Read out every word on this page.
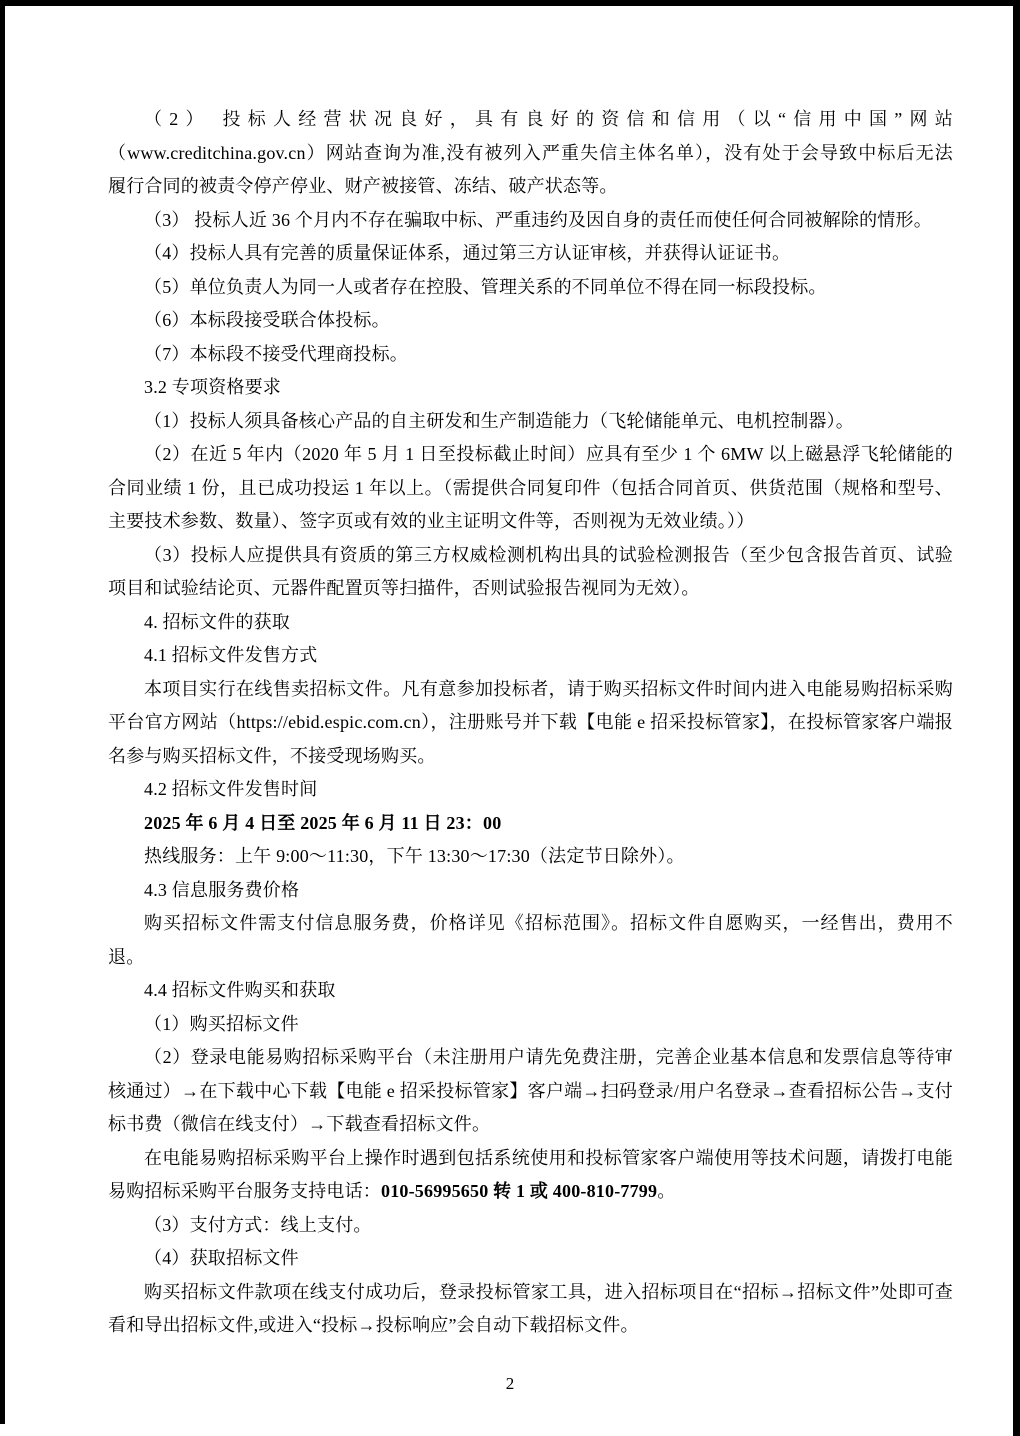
（2） 投标人经营状况良好，具有良好的资信和信用（以“信用中国”网站
（www.creditchina.gov.cn）网站查询为准,没有被列入严重失信主体名单），没有处于会导致中标后无法
履行合同的被责令停产停业、财产被接管、冻结、破产状态等。

（3） 投标人近 36 个月内不存在骗取中标、严重违约及因自身的责任而使任何合同被解除的情形。

（4）投标人具有完善的质量保证体系，通过第三方认证审核，并获得认证证书。

（5）单位负责人为同一人或者存在控股、管理关系的不同单位不得在同一标段投标。

（6）本标段接受联合体投标。

（7）本标段不接受代理商投标。

3.2 专项资格要求

（1）投标人须具备核心产品的自主研发和生产制造能力（飞轮储能单元、电机控制器）。

（2）在近 5 年内（2020 年 5 月 1 日至投标截止时间）应具有至少 1 个 6MW 以上磁悬浮飞轮储能的合同业绩 1 份，且已成功投运 1 年以上。（需提供合同复印件（包括合同首页、供货范围（规格和型号、主要技术参数、数量）、签字页或有效的业主证明文件等，否则视为无效业绩。））

（3）投标人应提供具有资质的第三方权威检测机构出具的试验检测报告（至少包含报告首页、试验项目和试验结论页、元器件配置页等扫描件，否则试验报告视同为无效）。

4. 招标文件的获取

4.1 招标文件发售方式

本项目实行在线售卖招标文件。凡有意参加投标者，请于购买招标文件时间内进入电能易购招标采购平台官方网站（https://ebid.espic.com.cn），注册账号并下载【电能 e 招采投标管家】，在投标管家客户端报名参与购买招标文件，不接受现场购买。

4.2 招标文件发售时间

2025 年 6 月 4 日至 2025 年 6 月 11 日 23：00

热线服务：上午 9:00～11:30，下午 13:30～17:30（法定节日除外）。

4.3 信息服务费价格

购买招标文件需支付信息服务费，价格详见《招标范围》。招标文件自愿购买，一经售出，费用不退。

4.4 招标文件购买和获取

（1）购买招标文件

（2）登录电能易购招标采购平台（未注册用户请先免费注册，完善企业基本信息和发票信息等待审核通过）→在下载中心下载【电能 e 招采投标管家】客户端→扫码登录/用户名登录→查看招标公告→支付标书费（微信在线支付）→下载查看招标文件。

在电能易购招标采购平台上操作时遇到包括系统使用和投标管家客户端使用等技术问题，请拨打电能易购招标采购平台服务支持电话：010-56995650 转 1 或 400-810-7799。

（3）支付方式：线上支付。

（4）获取招标文件

购买招标文件款项在线支付成功后，登录投标管家工具，进入招标项目在“招标→招标文件”处即可查看和导出招标文件,或进入“投标→投标响应”会自动下载招标文件。

2
